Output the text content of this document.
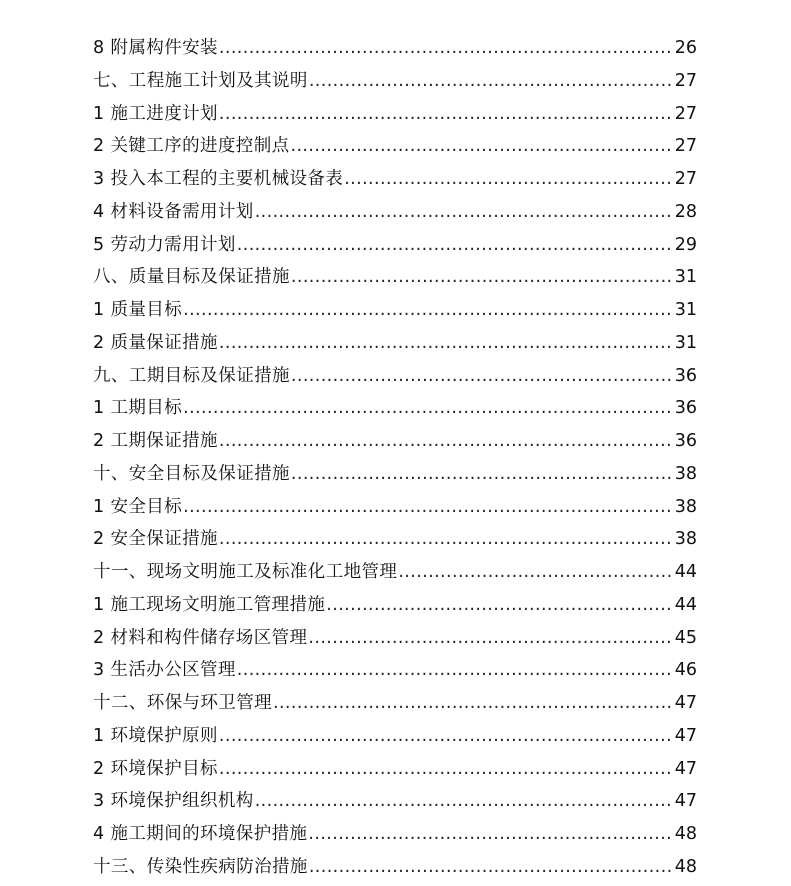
8 附属构件安装 .....	26
七、工程施工计划及其说明 .....	27
1 施工进度计划 .....	27
2 关键工序的进度控制点 .....	27
3 投入本工程的主要机械设备表 .....	27
4 材料设备需用计划 .....	28
5 劳动力需用计划 .....	29
八、质量目标及保证措施 .....	31
1 质量目标 .....	31
2 质量保证措施 .....	31
九、工期目标及保证措施 .....	36
1 工期目标 .....	36
2 工期保证措施 .....	36
十、安全目标及保证措施 .....	38
1 安全目标 .....	38
2 安全保证措施 .....	38
十一、现场文明施工及标准化工地管理 .....	44
1 施工现场文明施工管理措施 .....	44
2 材料和构件储存场区管理 .....	45
3 生活办公区管理 .....	46
十二、环保与环卫管理 .....	47
1 环境保护原则 .....	47
2 环境保护目标 .....	47
3 环境保护组织机构 .....	47
4 施工期间的环境保护措施 .....	48
十三、传染性疾病防治措施 .....	48
